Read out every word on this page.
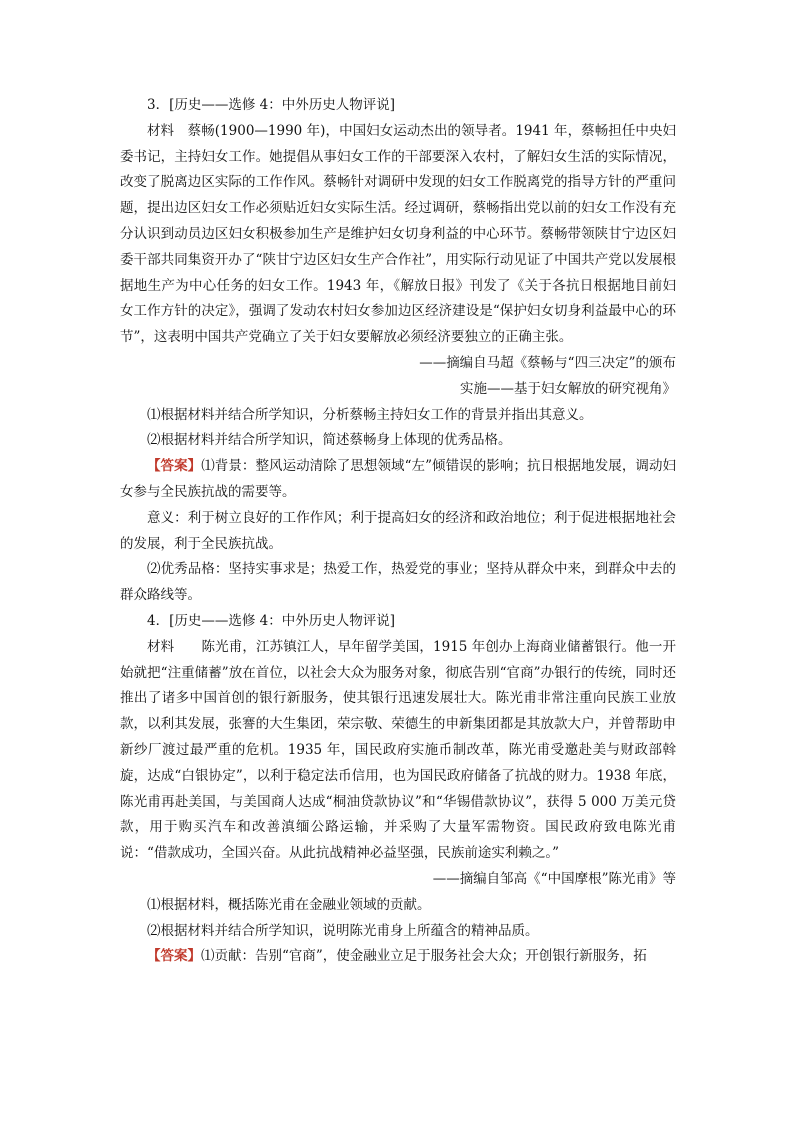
3．[历史——选修 4：中外历史人物评说]

材料　蔡畅(1900—1990 年)，中国妇女运动杰出的领导者。1941 年，蔡畅担任中央妇委书记，主持妇女工作。她提倡从事妇女工作的干部要深入农村，了解妇女生活的实际情况，改变了脱离边区实际的工作作风。蔡畅针对调研中发现的妇女工作脱离党的指导方针的严重问题，提出边区妇女工作必须贴近妇女实际生活。经过调研，蔡畅指出党以前的妇女工作没有充分认识到动员边区妇女积极参加生产是维护妇女切身利益的中心环节。蔡畅带领陕甘宁边区妇委干部共同集资开办了“陕甘宁边区妇女生产合作社”，用实际行动见证了中国共产党以发展根据地生产为中心任务的妇女工作。1943 年，《解放日报》刊发了《关于各抗日根据地目前妇女工作方针的决定》，强调了发动农村妇女参加边区经济建设是“保护妇女切身利益最中心的环节”，这表明中国共产党确立了关于妇女要解放必须经济要独立的正确主张。

——摘编自马超《蔡畅与“四三决定”的颁布

实施——基于妇女解放的研究视角》

⑴根据材料并结合所学知识，分析蔡畅主持妇女工作的背景并指出其意义。

⑵根据材料并结合所学知识，简述蔡畅身上体现的优秀品格。

【答案】⑴背景：整风运动清除了思想领域“左”倾错误的影响；抗日根据地发展，调动妇女参与全民族抗战的需要等。

意义：利于树立良好的工作作风；利于提高妇女的经济和政治地位；利于促进根据地社会的发展，利于全民族抗战。

⑵优秀品格：坚持实事求是；热爱工作，热爱党的事业；坚持从群众中来，到群众中去的群众路线等。

4．[历史——选修 4：中外历史人物评说]

材料　　陈光甫，江苏镇江人，早年留学美国，1915 年创办上海商业储蓄银行。他一开始就把“注重储蓄”放在首位，以社会大众为服务对象，彻底告别“官商”办银行的传统，同时还推出了诸多中国首创的银行新服务，使其银行迅速发展壮大。陈光甫非常注重向民族工业放款，以利其发展，张謇的大生集团，荣宗敬、荣德生的申新集团都是其放款大户，并曾帮助申新纱厂渡过最严重的危机。1935 年，国民政府实施币制改革，陈光甫受邀赴美与财政部斡旋，达成“白银协定”，以利于稳定法币信用，也为国民政府储备了抗战的财力。1938 年底，陈光甫再赴美国，与美国商人达成“桐油贷款协议”和“华锡借款协议”，获得 5 000 万美元贷款，用于购买汽车和改善滇缅公路运输，并采购了大量军需物资。国民政府致电陈光甫说：“借款成功，全国兴奋。从此抗战精神必益坚强，民族前途实利赖之。”

——摘编自邹高《“中国摩根”陈光甫》等

⑴根据材料，概括陈光甫在金融业领域的贡献。

⑵根据材料并结合所学知识，说明陈光甫身上所蕴含的精神品质。

【答案】⑴贡献：告别“官商”，使金融业立足于服务社会大众；开创银行新服务，拓
